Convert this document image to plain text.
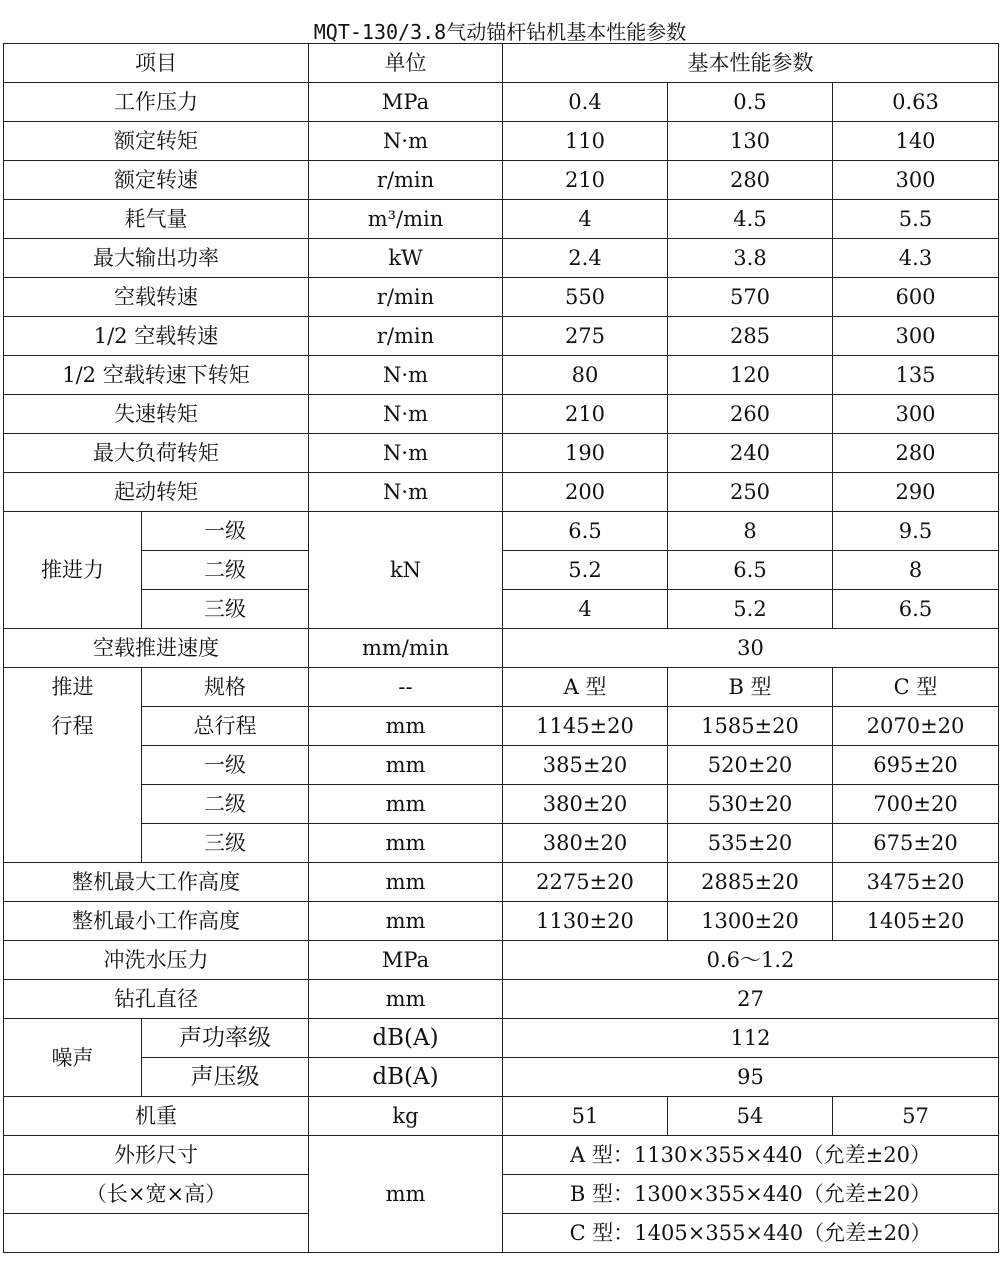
MQT-130/3.8气动锚杆钻机基本性能参数
项目		单位	基本性能参数		
工作压力		MPa	0.4	0.5	0.63
额定转矩		N·m	110	130	140
额定转速		r/min	210	280	300
耗气量		m³/min	4	4.5	5.5
最大输出功率		kW	2.4	3.8	4.3
空载转速		r/min	550	570	600
1/2 空载转速		r/min	275	285	300
1/2 空载转速下转矩		N·m	80	120	135
失速转矩		N·m	210	260	300
最大负荷转矩		N·m	190	240	280
起动转矩		N·m	200	250	290
推进力	一级	kN	6.5	8	9.5
	二级		5.2	6.5	8
	三级		4	5.2	6.5
空载推进速度		mm/min	30		
推进	规格	--	A 型	B 型	C 型
行程	总行程	mm	1145±20	1585±20	2070±20
	一级	mm	385±20	520±20	695±20
	二级	mm	380±20	530±20	700±20
	三级	mm	380±20	535±20	675±20
整机最大工作高度		mm	2275±20	2885±20	3475±20
整机最小工作高度		mm	1130±20	1300±20	1405±20
冲洗水压力		MPa	0.6～1.2		
钻孔直径		mm	27		
噪声	声功率级	dB(A)	112		
	声压级	dB(A)	95		
机重		kg	51	54	57
外形尺寸		mm	A 型：1130×355×440（允差±20）		
（长×宽×高）			B 型：1300×355×440（允差±20）		
			C 型：1405×355×440（允差±20）		
